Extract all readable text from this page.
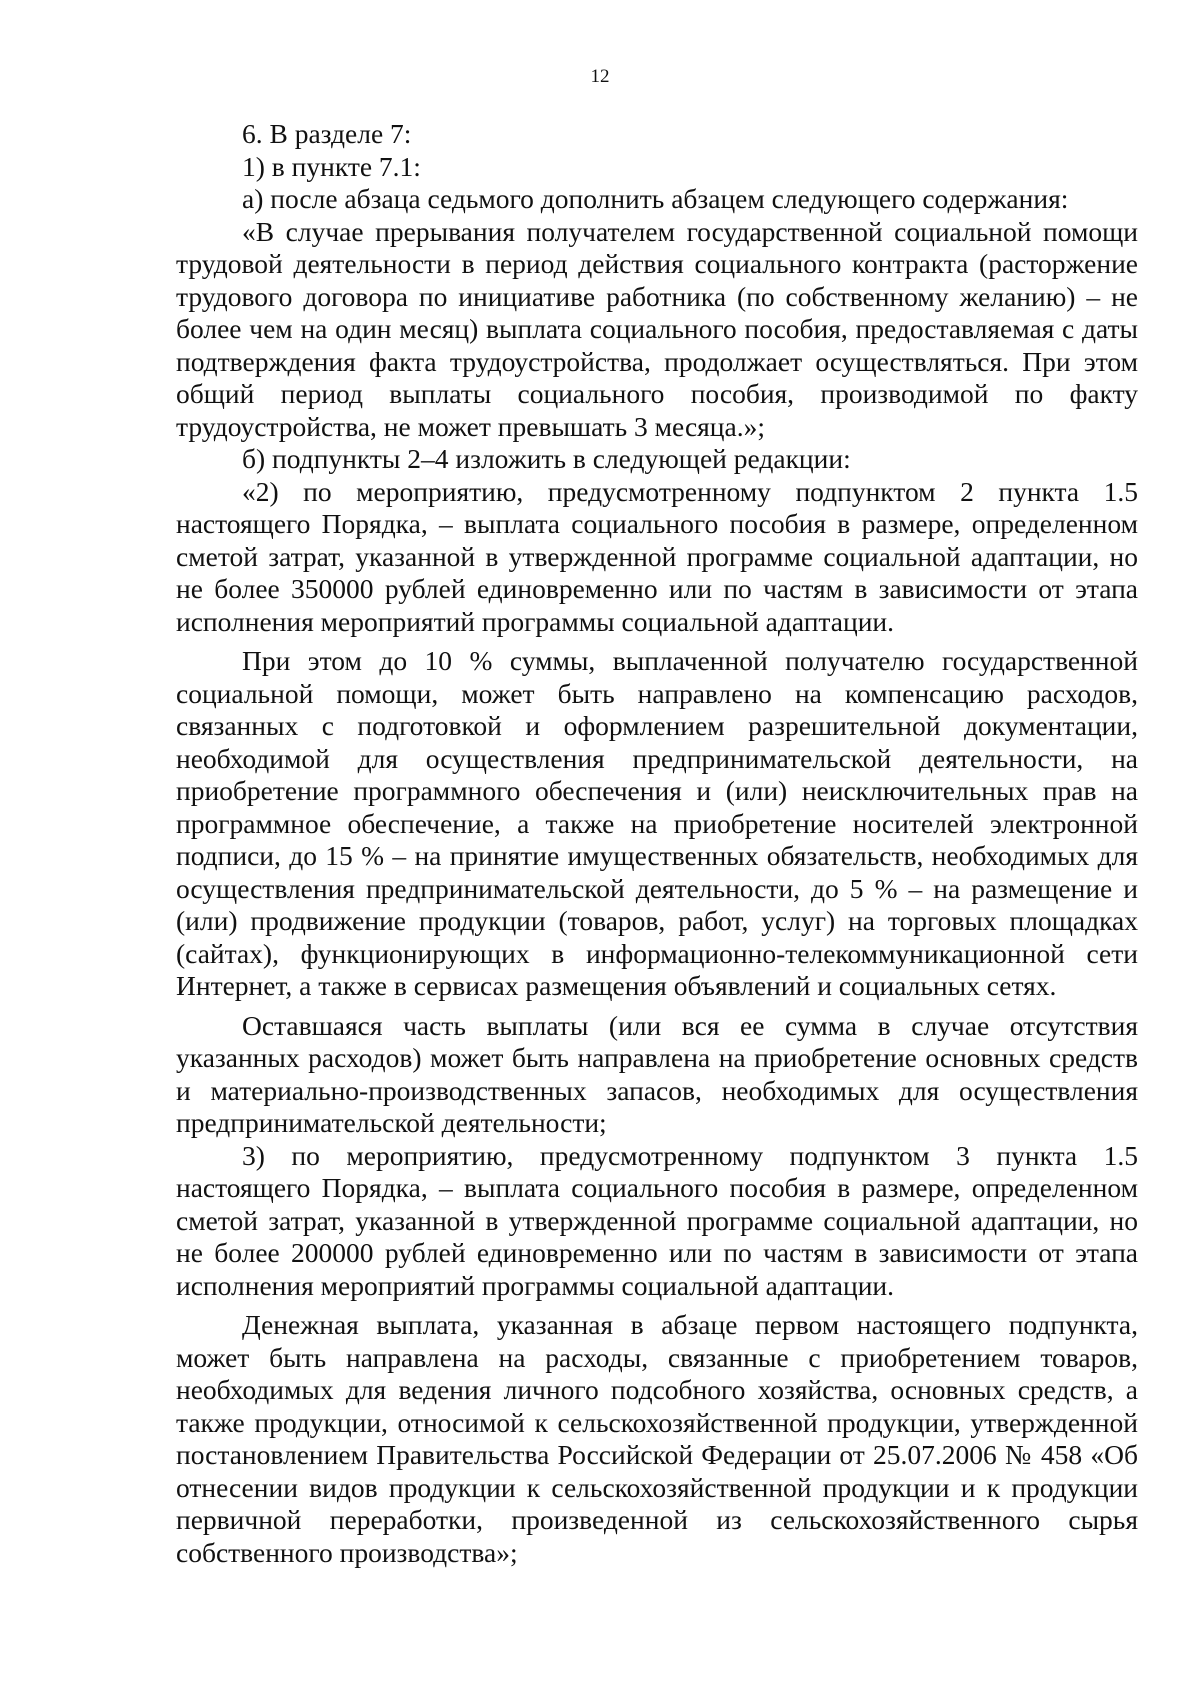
12

6. В разделе 7:

1) в пункте 7.1:

а) после абзаца седьмого дополнить абзацем следующего содержания:

«В случае прерывания получателем государственной социальной помощи трудовой деятельности в период действия социального контракта (расторжение трудового договора по инициативе работника (по собственному желанию) – не более чем на один месяц) выплата социального пособия, предоставляемая с даты подтверждения факта трудоустройства, продолжает осуществляться. При этом общий период выплаты социального пособия, производимой по факту трудоустройства, не может превышать 3 месяца.»;

б) подпункты 2–4 изложить в следующей редакции:

«2) по мероприятию, предусмотренному подпунктом 2 пункта 1.5 настоящего Порядка, – выплата социального пособия в размере, определенном сметой затрат, указанной в утвержденной программе социальной адаптации, но не более 350000 рублей единовременно или по частям в зависимости от этапа исполнения мероприятий программы социальной адаптации.

При этом до 10 % суммы, выплаченной получателю государственной социальной помощи, может быть направлено на компенсацию расходов, связанных с подготовкой и оформлением разрешительной документации, необходимой для осуществления предпринимательской деятельности, на приобретение программного обеспечения и (или) неисключительных прав на программное обеспечение, а также на приобретение носителей электронной подписи, до 15 % – на принятие имущественных обязательств, необходимых для осуществления предпринимательской деятельности, до 5 % – на размещение и (или) продвижение продукции (товаров, работ, услуг) на торговых площадках (сайтах), функционирующих в информационно-телекоммуникационной сети Интернет, а также в сервисах размещения объявлений и социальных сетях.

Оставшаяся часть выплаты (или вся ее сумма в случае отсутствия указанных расходов) может быть направлена на приобретение основных средств и материально-производственных запасов, необходимых для осуществления предпринимательской деятельности;

3) по мероприятию, предусмотренному подпунктом 3 пункта 1.5 настоящего Порядка, – выплата социального пособия в размере, определенном сметой затрат, указанной в утвержденной программе социальной адаптации, но не более 200000 рублей единовременно или по частям в зависимости от этапа исполнения мероприятий программы социальной адаптации.

Денежная выплата, указанная в абзаце первом настоящего подпункта, может быть направлена на расходы, связанные с приобретением товаров, необходимых для ведения личного подсобного хозяйства, основных средств, а также продукции, относимой к сельскохозяйственной продукции, утвержденной постановлением Правительства Российской Федерации от 25.07.2006 № 458 «Об отнесении видов продукции к сельскохозяйственной продукции и к продукции первичной переработки, произведенной из сельскохозяйственного сырья собственного производства»;
